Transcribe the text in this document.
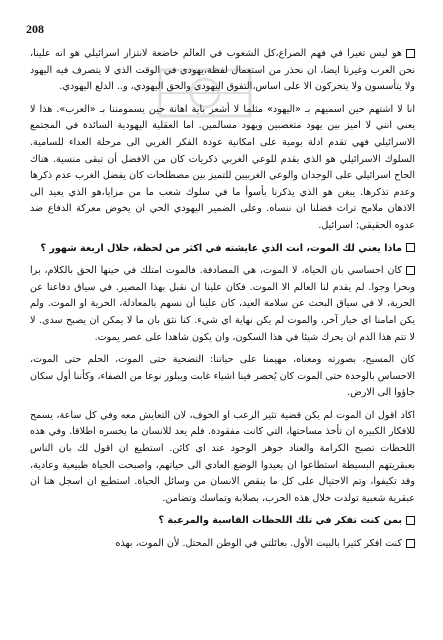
208
هو ليس تغيرا في فهم الصراع،كل الشعوب في العالم خاضعة لابتزاز اسرائيلي هو انه علينا، نحن العرب وغيرنا ايضا، ان نحذر من استعمال لفظة،يهودي في الوقت الذي لا يتصرف فيه اليهود ولا يتأسسون ولا يتحركون الا على اساس،التفوق اليهودي والحق اليهودي، و.. الدلع اليهودي.
انا لا اشتهم حين اسميهم بـ «اليهود» مثلما لا أشعر باية اهانة حين يسمومننا بـ «العرب». هذا لا يعني انني لا اميز بين يهود متعصبين ويهود مسالمين. اما العقلية اليهودية السائدة في المجتمع الاسرائيلي فهي تقدم ادلة يومية على امكانية عودة الفكر الغربي الى مرحلة العداء للسامية. السلوك الاسرائيلي هو الذي يقدم للوعي الغربي ذكريات كان من الافضل أن تبقى منسية. هناك الحاح اسرائيلي على الوجدان والوعي الغربيين للتميز بين مصطلحات كان يفضل الغرب عدم ذكرها وعدم تذكرها. يبغن هو الذي يذكرنا بأسوأ ما في سلوك شعب ما من مزايا،هو الذي يعيد الى الاذهان ملامح تراث فضلنا ان ننساه. وعلى الضمير اليهودي الحي ان يخوض معركة الدفاع ضد عدوه الحقيقي: اسرائيل.
ماذا يعني لك الموت، انت الذي عايشته في اكثر من لحظة، خلال اربعة شهور ؟
كان احساسي بان الحياة، لا الموت، هي المصادفة. فالموت امتلك في حينها الحق بالكلام، برا وبحرا وجوا. لم يقدم لنا العالم الا الموت. فكان علينا ان نقبل بهذا المصير. في سياق دفاعنا عن الحرية، لا في سياق البحث عن سلامة العيد، كان علينا أن نسهم بالمعادلة، الحرية او الموت. ولم يكن امامنا اي خيار آخر، والموت لم يكن نهاية اي شيء. كنا نثق بان ما لا يمكن ان يصبح سدى. لا لا تتم هذا الدم ان يحرك شيئا في هذا السكون، وان يكون شاهدا على عصر يموت.
كان المسيح، بصورته ومعناه، مهيمنا على حياتنا: التضحية حتى الموت، الحلم حتى الموت، الاحساس بالوحدة حتى الموت كان يُحضر فينا اشياء غابت ويبلور نوعا من الصفاء، وكأننا أول سكان جاؤوا الى الارض.
اكاد اقول ان الموت لم يكن قضية تثير الرعب او الخوف، لان التعايش معه وفي كل ساعة، يسمح للافكار الكبيرة ان تأخذ مساحتها، التي كانت مفقودة. فلم يعد للانسان ما يخسره اطلاقا. وفي هذه اللحظات تصبح الكرامة والعناد جوهر الوجود عند اي كائن. استطيع ان اقول لك بان الناس بعبقريتهم البسيطة استطاعوا ان يعيدوا الوضع العادي الى حياتهم، واصبحت الحياة طبيعية وعادية، وقد تكيفوا، وتم الاحتيال على كل ما ينقص الانسان من وسائل الحياة. استطيع ان اسجل هنا ان عبقرية شعبية تولدت خلال هذه الحرب، بصلابة وتماسك وتضامن.
بمن كنت تفكر في تلك اللحظات القاسية والمرعبة ؟
كنت افكر كثيرا بالبيت الأول. بعائلتي في الوطن المحتل. لأن الموت، بهذه
